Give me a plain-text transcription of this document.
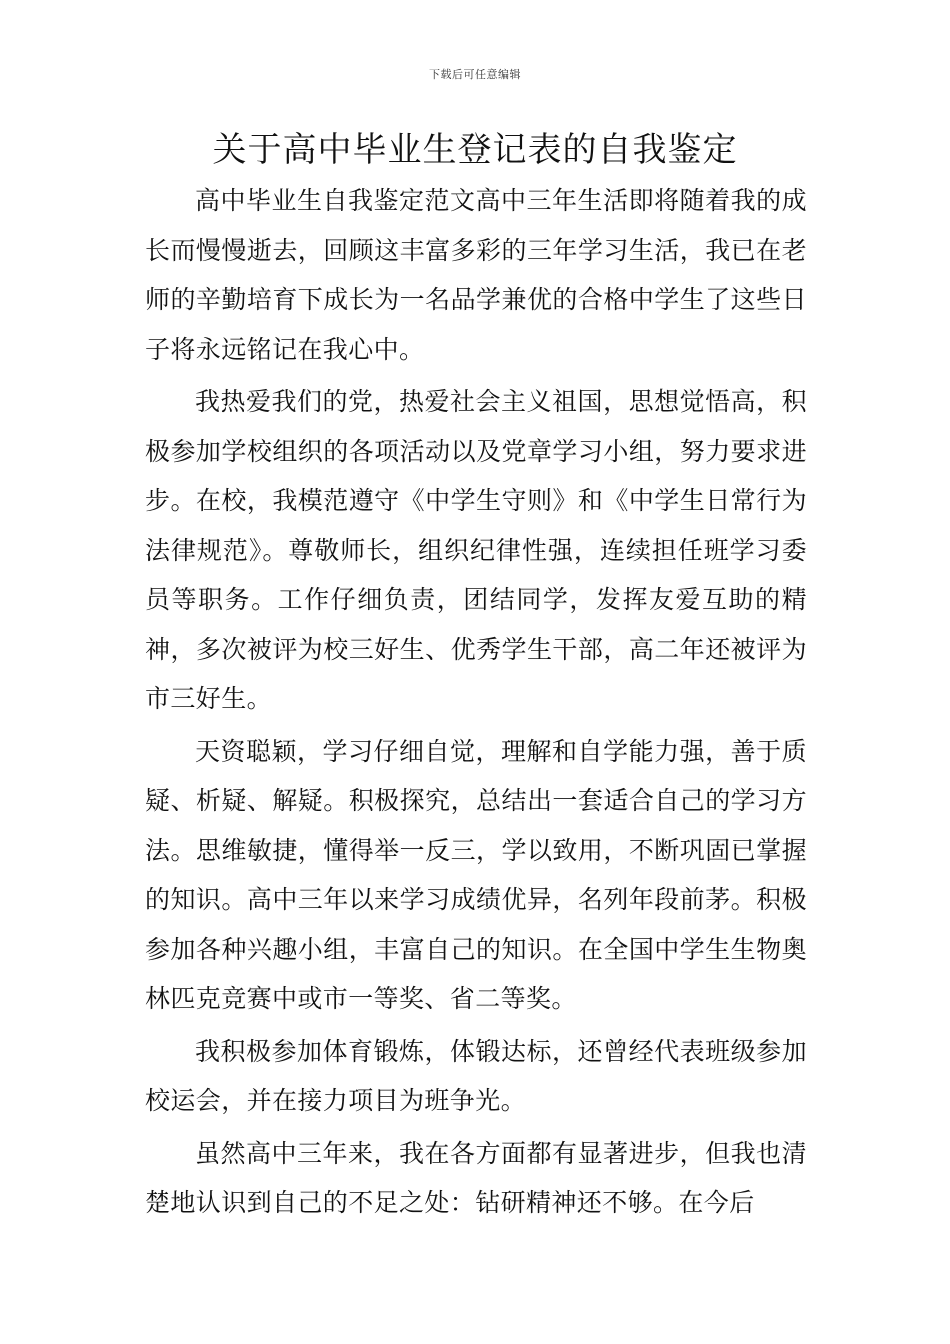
下载后可任意编辑
关于高中毕业生登记表的自我鉴定

高中毕业生自我鉴定范文高中三年生活即将随着我的成长而慢慢逝去，回顾这丰富多彩的三年学习生活，我已在老师的辛勤培育下成长为一名品学兼优的合格中学生了这些日子将永远铭记在我心中。

我热爱我们的党，热爱社会主义祖国，思想觉悟高，积极参加学校组织的各项活动以及党章学习小组，努力要求进步。在校，我模范遵守《中学生守则》和《中学生日常行为法律规范》。尊敬师长，组织纪律性强，连续担任班学习委员等职务。工作仔细负责，团结同学，发挥友爱互助的精神，多次被评为校三好生、优秀学生干部，高二年还被评为市三好生。

天资聪颖，学习仔细自觉，理解和自学能力强，善于质疑、析疑、解疑。积极探究，总结出一套适合自己的学习方法。思维敏捷，懂得举一反三，学以致用，不断巩固已掌握的知识。高中三年以来学习成绩优异，名列年段前茅。积极参加各种兴趣小组，丰富自己的知识。在全国中学生生物奥林匹克竞赛中或市一等奖、省二等奖。

我积极参加体育锻炼，体锻达标，还曾经代表班级参加校运会，并在接力项目为班争光。

虽然高中三年来，我在各方面都有显著进步，但我也清楚地认识到自己的不足之处：钻研精神还不够。在今后
